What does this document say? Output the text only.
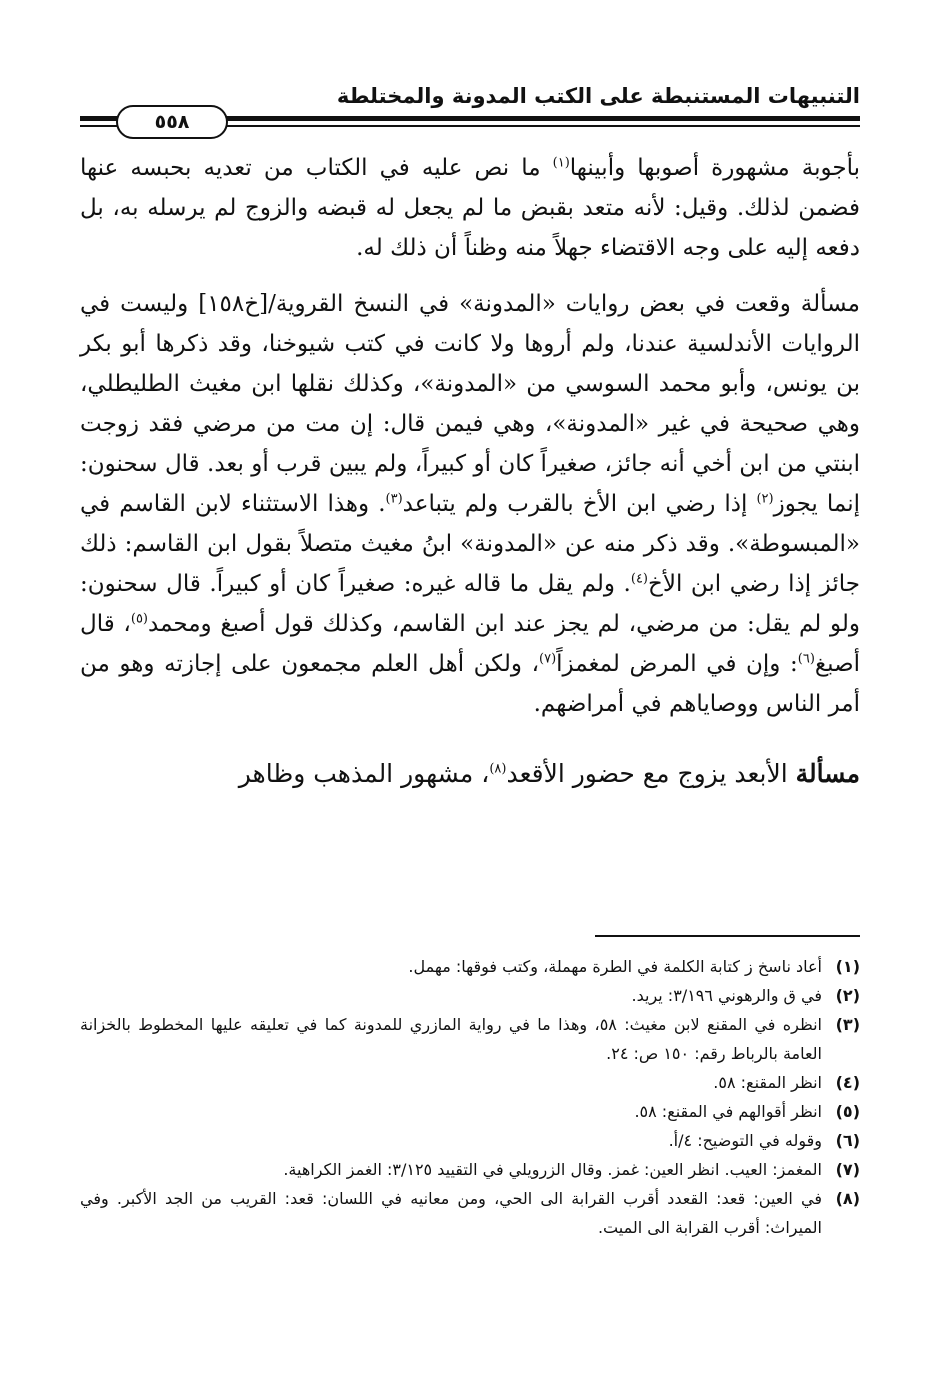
التنبيهات المستنبطة على الكتب المدونة والمختلطة
٥٥٨

بأجوبة مشهورة أصوبها وأبينها$^{(١)}$ ما نص عليه في الكتاب من تعديه بحبسه عنها فضمن لذلك. وقيل: لأنه متعد بقبض ما لم يجعل له قبضه والزوج لم يرسله به، بل دفعه إليه على وجه الاقتضاء جهلاً منه وظناً أن ذلك له.

مسألة وقعت في بعض روايات «المدونة» في النسخ القروية/[خ١٥٨] وليست في الروايات الأندلسية عندنا، ولم أروها ولا كانت في كتب شيوخنا، وقد ذكرها أبو بكر بن يونس، وأبو محمد السوسي من «المدونة»، وكذلك نقلها ابن مغيث الطليطلي، وهي صحيحة في غير «المدونة»، وهي فيمن قال: إن مت من مرضي فقد زوجت ابنتي من ابن أخي أنه جائز، صغيراً كان أو كبيراً، ولم يبين قرب أو بعد. قال سحنون: إنما يجوز$^{(٢)}$ إذا رضي ابن الأخ بالقرب ولم يتباعد$^{(٣)}$. وهذا الاستثناء لابن القاسم في «المبسوطة». وقد ذكر منه عن «المدونة» ابنُ مغيث متصلاً بقول ابن القاسم: ذلك جائز إذا رضي ابن الأخ$^{(٤)}$. ولم يقل ما قاله غيره: صغيراً كان أو كبيراً. قال سحنون: ولو لم يقل: من مرضي، لم يجز عند ابن القاسم، وكذلك قول أصبغ ومحمد$^{(٥)}$، قال أصبغ$^{(٦)}$: وإن في المرض لمغمزاً$^{(٧)}$، ولكن أهل العلم مجمعون على إجازته وهو من أمر الناس ووصاياهم في أمراضهم.

مسألة الأبعد يزوج مع حضور الأقعد$^{(٨)}$، مشهور المذهب وظاهر

(١)
أعاد ناسخ ز كتابة الكلمة في الطرة مهملة، وكتب فوقها: مهمل.
(٢)
في ق والرهوني ٣/١٩٦: يريد.
(٣)
انظره في المقنع لابن مغيث: ٥٨، وهذا ما في رواية المازري للمدونة كما في تعليقه عليها المخطوط بالخزانة العامة بالرباط رقم: ١٥٠ ص: ٢٤.
(٤)
انظر المقنع: ٥٨.
(٥)
انظر أقوالهم في المقنع: ٥٨.
(٦)
وقوله في التوضيح: ٤/أ.
(٧)
المغمز: العيب. انظر العين: غمز. وقال الزرويلي في التقييد ٣/١٢٥: الغمز الكراهية.
(٨)
في العين: قعد: القعدد أقرب القرابة الى الحي، ومن معانيه في اللسان: قعد: القريب من الجد الأكبر. وفي الميراث: أقرب القرابة الى الميت.
